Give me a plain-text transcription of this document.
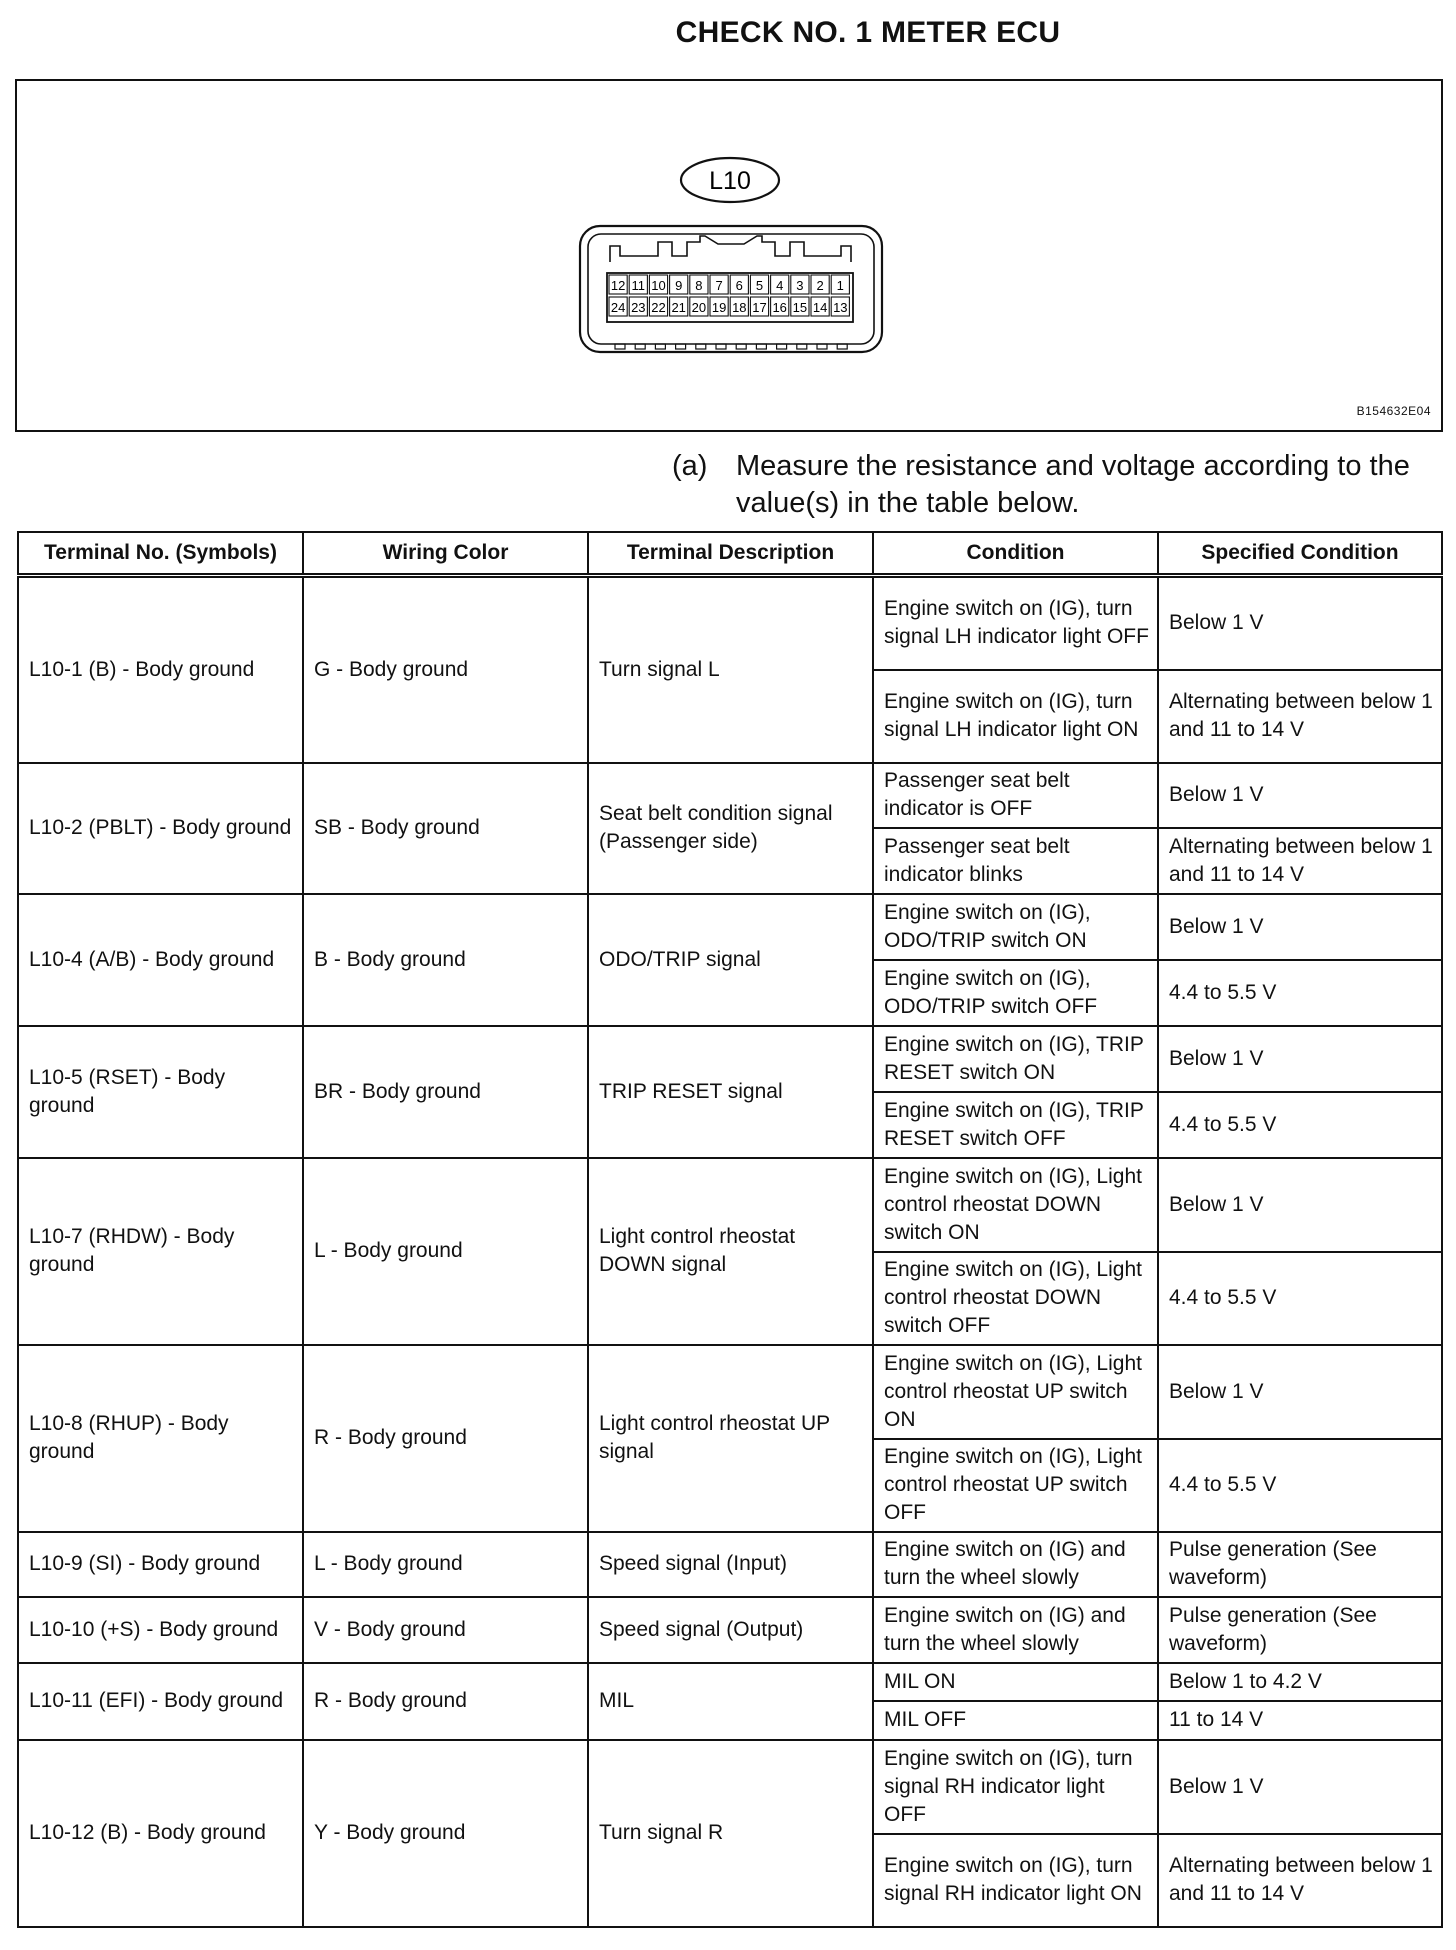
CHECK NO. 1 METER ECU
L10
12 11 10 9 8 7 6 5 4 3 2 1
24 23 22 21 20 19 18 17 16 15 14 13
B154632E04
(a) Measure the resistance and voltage according to the value(s) in the table below.
Terminal No. (Symbols)	Wiring Color	Terminal Description	Condition	Specified Condition
L10-1 (B) - Body ground	G - Body ground	Turn signal L	Engine switch on (IG), turn signal LH indicator light OFF	Below 1 V
			Engine switch on (IG), turn signal LH indicator light ON	Alternating between below 1 and 11 to 14 V
L10-2 (PBLT) - Body ground	SB - Body ground	Seat belt condition signal (Passenger side)	Passenger seat belt indicator is OFF	Below 1 V
			Passenger seat belt indicator blinks	Alternating between below 1 and 11 to 14 V
L10-4 (A/B) - Body ground	B - Body ground	ODO/TRIP signal	Engine switch on (IG), ODO/TRIP switch ON	Below 1 V
			Engine switch on (IG), ODO/TRIP switch OFF	4.4 to 5.5 V
L10-5 (RSET) - Body ground	BR - Body ground	TRIP RESET signal	Engine switch on (IG), TRIP RESET switch ON	Below 1 V
			Engine switch on (IG), TRIP RESET switch OFF	4.4 to 5.5 V
L10-7 (RHDW) - Body ground	L - Body ground	Light control rheostat DOWN signal	Engine switch on (IG), Light control rheostat DOWN switch ON	Below 1 V
			Engine switch on (IG), Light control rheostat DOWN switch OFF	4.4 to 5.5 V
L10-8 (RHUP) - Body ground	R - Body ground	Light control rheostat UP signal	Engine switch on (IG), Light control rheostat UP switch ON	Below 1 V
			Engine switch on (IG), Light control rheostat UP switch OFF	4.4 to 5.5 V
L10-9 (SI) - Body ground	L - Body ground	Speed signal (Input)	Engine switch on (IG) and turn the wheel slowly	Pulse generation (See waveform)
L10-10 (+S) - Body ground	V - Body ground	Speed signal (Output)	Engine switch on (IG) and turn the wheel slowly	Pulse generation (See waveform)
L10-11 (EFI) - Body ground	R - Body ground	MIL	MIL ON	Below 1 to 4.2 V
			MIL OFF	11 to 14 V
L10-12 (B) - Body ground	Y - Body ground	Turn signal R	Engine switch on (IG), turn signal RH indicator light OFF	Below 1 V
			Engine switch on (IG), turn signal RH indicator light ON	Alternating between below 1 and 11 to 14 V
